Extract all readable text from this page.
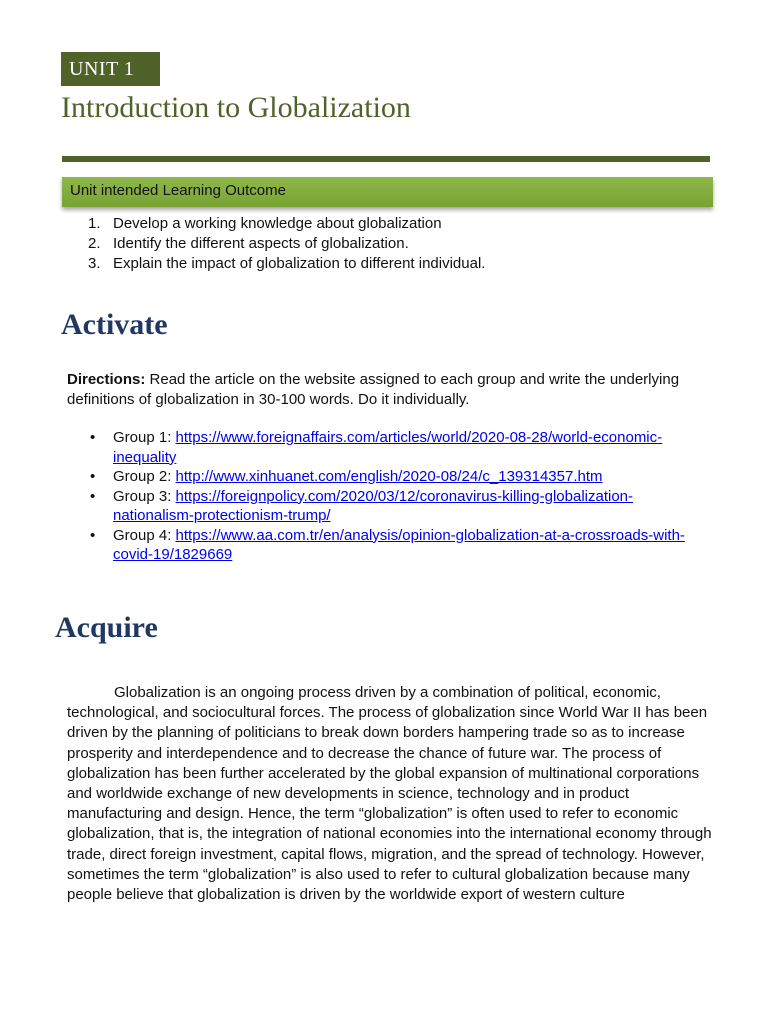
UNIT 1
Introduction to Globalization
Unit intended Learning Outcome
1. Develop a working knowledge about globalization
2. Identify the different aspects of globalization.
3. Explain the impact of globalization to different individual.
Activate

Directions: Read the article on the website assigned to each group and write the underlying definitions of globalization in 30-100 words. Do it individually.

• Group 1: https://www.foreignaffairs.com/articles/world/2020-08-28/world-economic-inequality
• Group 2: http://www.xinhuanet.com/english/2020-08/24/c_139314357.htm
• Group 3: https://foreignpolicy.com/2020/03/12/coronavirus-killing-globalization-nationalism-protectionism-trump/
• Group 4: https://www.aa.com.tr/en/analysis/opinion-globalization-at-a-crossroads-with-covid-19/1829669
Acquire

Globalization is an ongoing process driven by a combination of political, economic, technological, and sociocultural forces. The process of globalization since World War II has been driven by the planning of politicians to break down borders hampering trade so as to increase prosperity and interdependence and to decrease the chance of future war. The process of globalization has been further accelerated by the global expansion of multinational corporations and worldwide exchange of new developments in science, technology and in product manufacturing and design. Hence, the term “globalization” is often used to refer to economic globalization, that is, the integration of national economies into the international economy through trade, direct foreign investment, capital flows, migration, and the spread of technology. However, sometimes the term “globalization” is also used to refer to cultural globalization because many people believe that globalization is driven by the worldwide export of western culture
